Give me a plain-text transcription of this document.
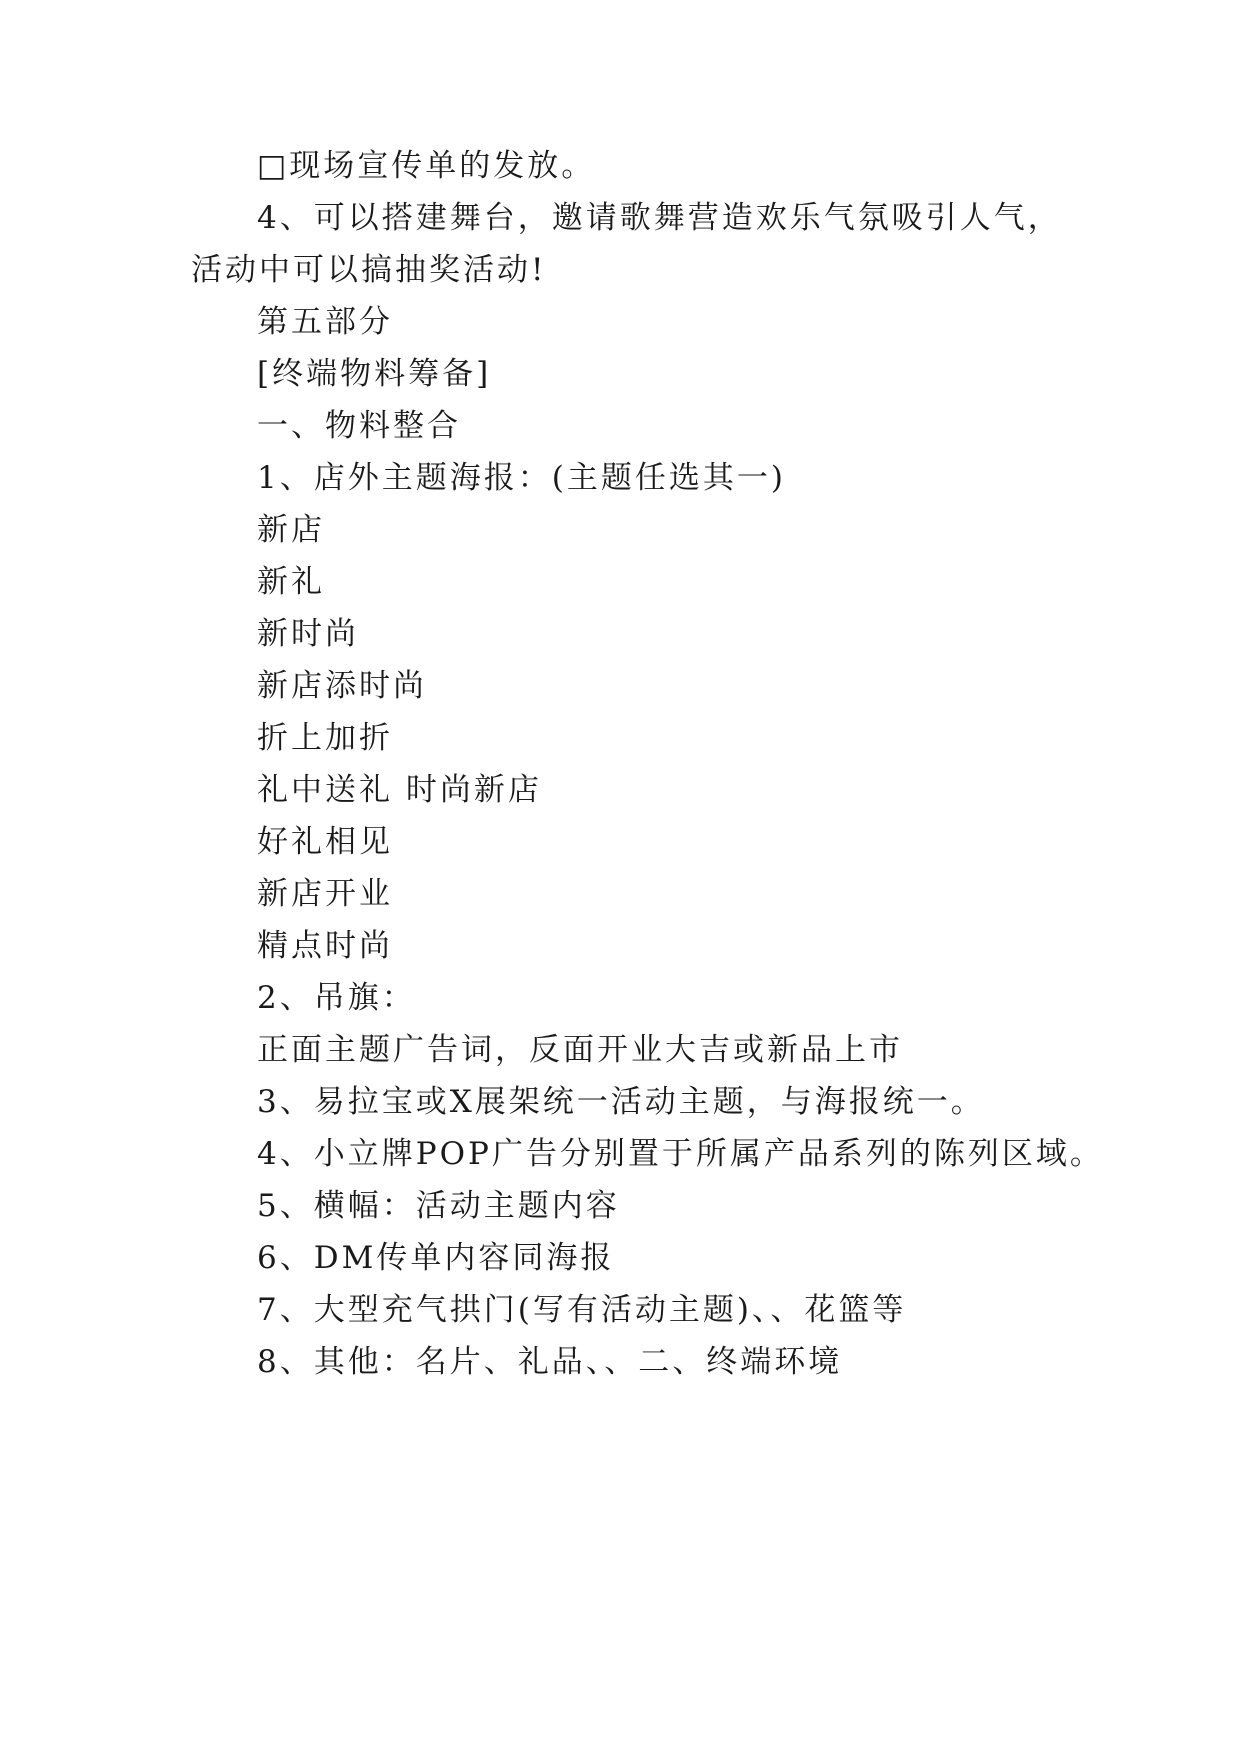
□现场宣传单的发放。
4、可以搭建舞台，邀请歌舞营造欢乐气氛吸引人气，
活动中可以搞抽奖活动!
第五部分
[终端物料筹备]
一、物料整合
1、店外主题海报：(主题任选其一)
新店
新礼
新时尚
新店添时尚
折上加折
礼中送礼 时尚新店
好礼相见
新店开业
精点时尚
2、吊旗：
正面主题广告词，反面开业大吉或新品上市
3、易拉宝或X展架统一活动主题，与海报统一。
4、小立牌POP广告分别置于所属产品系列的陈列区域。
5、横幅：活动主题内容
6、DM传单内容同海报
7、大型充气拱门(写有活动主题)、、花篮等
8、其他：名片、礼品、、二、终端环境
